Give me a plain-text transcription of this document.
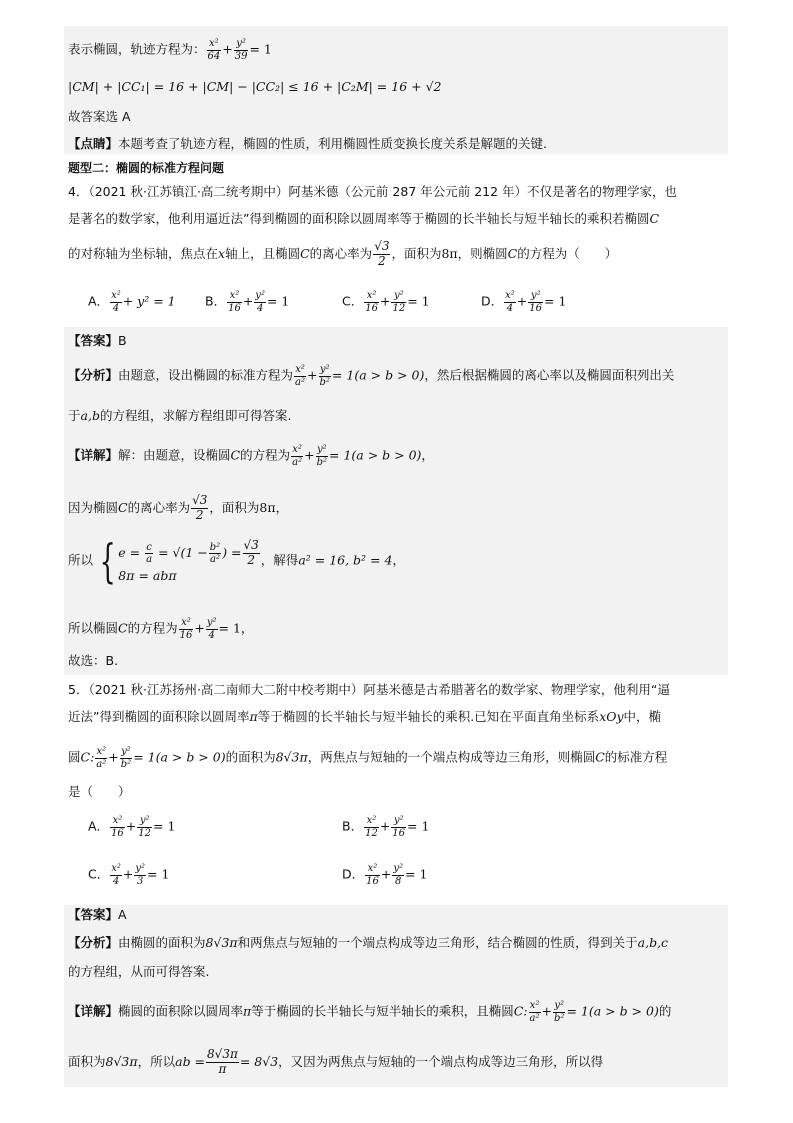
表示椭圆，轨迹方程为： $\frac{\text{x²}}{64} + \frac{\text{y²}}{39} = 1$
|CM| + |CC₁| = 16 + |CM| − |CC₂| ≤ 16 + |C₂M| = 16 + √2
故答案选 A
【点睛】本题考查了轨迹方程，椭圆的性质，利用椭圆性质变换长度关系是解题的关键.
题型二：椭圆的标准方程问题
4．（2021 秋·江苏镇江·高二统考期中）阿基米德（公元前 287 年公元前 212 年）不仅是著名的物理学家，也
是著名的数学家，他利用逼近法”得到椭圆的面积除以圆周率等于椭圆的长半轴长与短半轴长的乘积若椭圆C
的对称轴为坐标轴，焦点在x轴上，且椭圆C的离心率为 $\frac{√3}{2}$ ，面积为8π，则椭圆C的方程为（　　）
A． $\frac{\text{x²}}{4} + y^2 = 1$ B． $\frac{\text{x²}}{16} + \frac{\text{y²}}{4} = 1$	C． $\frac{\text{x²}}{16} + \frac{\text{y²}}{12} = 1$	D． $\frac{\text{x²}}{4} + \frac{\text{y²}}{16} = 1$
【答案】B
【分析】由题意，设出椭圆的标准方程为 $\frac{\text{x²}}{\text{a²}} + \frac{\text{y²}}{\text{b²}} = 1(a > b > 0)$，然后根据椭圆的离心率以及椭圆面积列出关
于a,b的方程组，求解方程组即可得答案.
【详解】解：由题意，设椭圆C的方程为 $\frac{\text{x²}}{\text{a²}} + \frac{\text{y²}}{\text{b²}} = 1(a > b > 0)$，
因为椭圆C的离心率为 $\frac{√3}{2}$ ，面积为8π，
所以 { $e = \frac{c}{a} = √(1 - \frac{\text{b²}}{\text{a²}}$ ) = $\frac{√3}{2}$
8π = abπ
，解得a² = 16, b² = 4，
所以椭圆C的方程为 $\frac{\text{x²}}{16} + \frac{\text{y²}}{4} = 1$，
故选：B.
5．（2021 秋·江苏扬州·高二南师大二附中校考期中）阿基米德是古希腊著名的数学家、物理学家，他利用“逼
近法”得到椭圆的面积除以圆周率π等于椭圆的长半轴长与短半轴长的乘积.已知在平面直角坐标系xOy中，椭
圆C: $\frac{\text{x²}}{\text{a²}} + \frac{\text{y²}}{\text{b²}} = 1(a > b > 0)$的面积为8√3π，两焦点与短轴的一个端点构成等边三角形，则椭圆C的标准方程
是（　　）
A． $\frac{\text{x²}}{16} + \frac{\text{y²}}{12} = 1$	B． $\frac{\text{x²}}{12} + \frac{\text{y²}}{16} = 1$
C． $\frac{\text{x²}}{4} + \frac{\text{y²}}{3} = 1$	D． $\frac{\text{x²}}{16} + \frac{\text{y²}}{8} = 1$
【答案】A
【分析】由椭圆的面积为8√3π和两焦点与短轴的一个端点构成等边三角形，结合椭圆的性质，得到关于a,b,c
的方程组，从而可得答案.
【详解】椭圆的面积除以圆周率π等于椭圆的长半轴长与短半轴长的乘积，且椭圆C: $\frac{\text{x²}}{\text{a²}} + \frac{\text{y²}}{\text{b²}} = 1(a > b > 0)$的
面积为8√3π，所以ab = $\frac{8√3\pi}{\pi} = 8√3$，又因为两焦点与短轴的一个端点构成等边三角形，所以得
